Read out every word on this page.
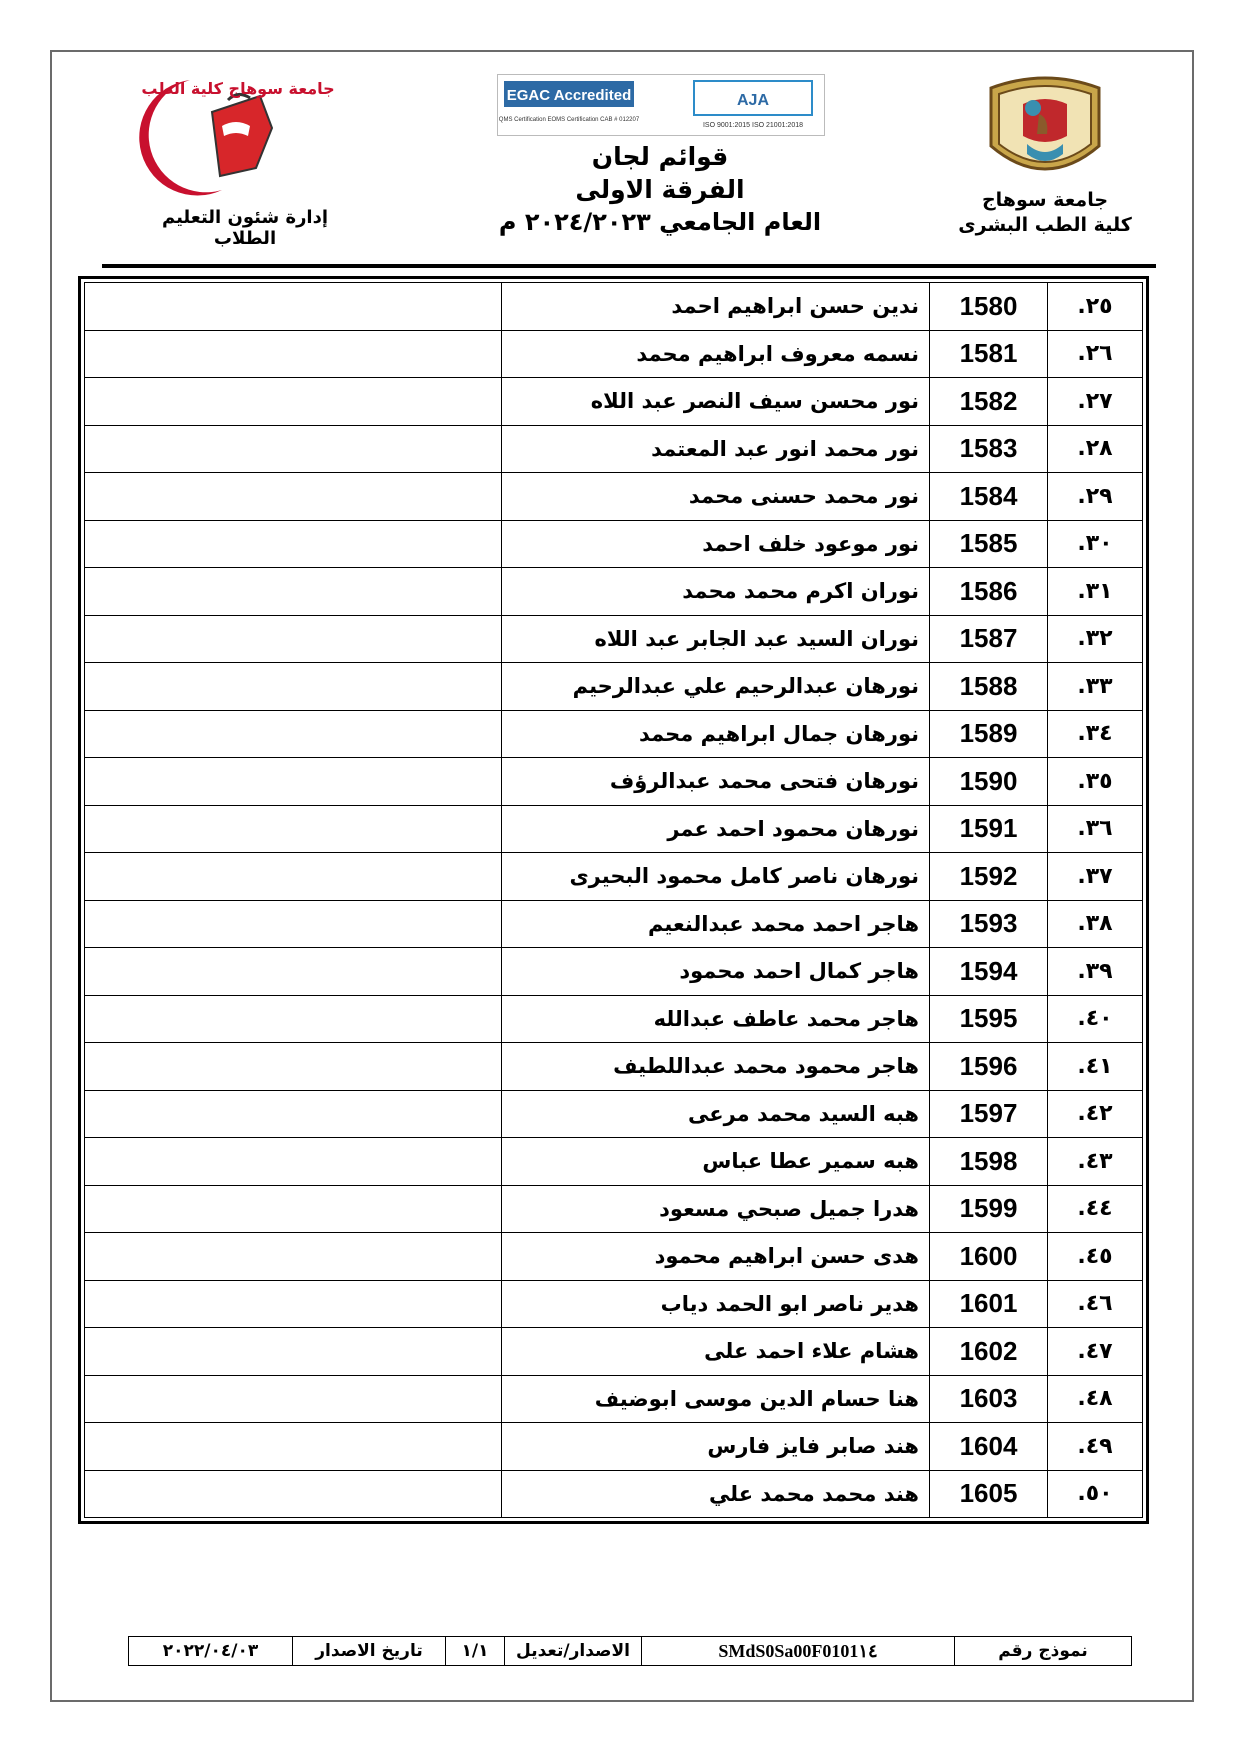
جامعة سوهاج
كلية الطب البشرى
جامعة سوهاج كلية الطب
إدارة شئون التعليم الطلاب
EGAC Accredited
QMS Certification EOMS Certification CAB # 012207
AJA
ISO 9001:2015 ISO 21001:2018
قوائم لجان
الفرقة الاولى
العام الجامعي ٢٠٢٤/٢٠٢٣ م
٢٥.	1580	ندين حسن ابراهيم احمد	
٢٦.	1581	نسمه معروف ابراهيم محمد	
٢٧.	1582	نور محسن سيف النصر عبد اللاه	
٢٨.	1583	نور محمد انور عبد المعتمد	
٢٩.	1584	نور محمد حسنى محمد	
٣٠.	1585	نور موعود خلف احمد	
٣١.	1586	نوران اكرم محمد محمد	
٣٢.	1587	نوران السيد عبد الجابر عبد اللاه	
٣٣.	1588	نورهان عبدالرحيم علي عبدالرحيم	
٣٤.	1589	نورهان جمال ابراهيم محمد	
٣٥.	1590	نورهان فتحى محمد عبدالرؤف	
٣٦.	1591	نورهان محمود احمد عمر	
٣٧.	1592	نورهان ناصر كامل محمود البحيرى	
٣٨.	1593	هاجر احمد محمد عبدالنعيم	
٣٩.	1594	هاجر كمال احمد محمود	
٤٠.	1595	هاجر محمد عاطف عبدالله	
٤١.	1596	هاجر محمود محمد عبداللطيف	
٤٢.	1597	هبه السيد محمد مرعى	
٤٣.	1598	هبه سمير عطا عباس	
٤٤.	1599	هدرا جميل صبحي مسعود	
٤٥.	1600	هدى حسن ابراهيم محمود	
٤٦.	1601	هدير ناصر ابو الحمد دياب	
٤٧.	1602	هشام علاء احمد على	
٤٨.	1603	هنا حسام الدين موسى ابوضيف	
٤٩.	1604	هند صابر فايز فارس	
٥٠.	1605	هند محمد محمد علي	
نموذج رقم
SMdS0Sa00F0101١٤
الاصدار/تعديل
١/١
تاريخ الاصدار
٢٠٢٢/٠٤/٠٣
